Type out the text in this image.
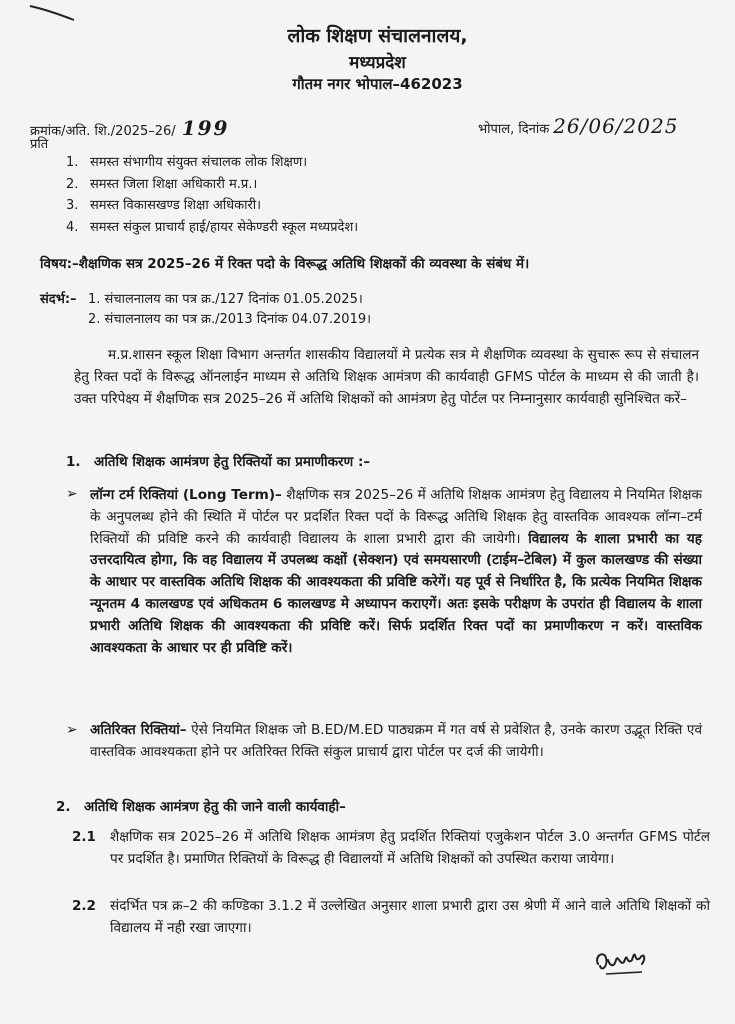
लोक शिक्षण संचालनालय,
मध्यप्रदेश
गौतम नगर भोपाल–462023
क्रमांक/अति. शि./2025–26/ 199	भोपाल, दिनांक 26/06/2025
प्रति
1. समस्त संभागीय संयुक्त संचालक लोक शिक्षण।
2. समस्त जिला शिक्षा अधिकारी म.प्र.।
3. समस्त विकासखण्ड शिक्षा अधिकारी।
4. समस्त संकुल प्राचार्य हाई/हायर सेकेण्डरी स्कूल मध्यप्रदेश।
विषय:–शैक्षणिक सत्र 2025–26 में रिक्त पदो के विरूद्ध अतिथि शिक्षकों की व्यवस्था के संबंध में।
संदर्भ:– 1. संचालनालय का पत्र क्र./127 दिनांक 01.05.2025।
2. संचालनालय का पत्र क्र./2013 दिनांक 04.07.2019।
म.प्र.शासन स्कूल शिक्षा विभाग अन्तर्गत शासकीय विद्यालयों मे प्रत्येक सत्र मे शैक्षणिक व्यवस्था के सुचारू रूप से संचालन हेतु रिक्त पदों के विरूद्ध ऑनलाईन माध्यम से अतिथि शिक्षक आमंत्रण की कार्यवाही GFMS पोर्टल के माध्यम से की जाती है। उक्त परिपेक्ष्य में शैक्षणिक सत्र 2025–26 में अतिथि शिक्षकों को आमंत्रण हेतु पोर्टल पर निम्नानुसार कार्यवाही सुनिश्चित करें–
1. अतिथि शिक्षक आमंत्रण हेतु रिक्तियों का प्रमाणीकरण :–
➢ लॉन्ग टर्म रिक्तियां (Long Term)– शैक्षणिक सत्र 2025–26 में अतिथि शिक्षक आमंत्रण हेतु विद्यालय मे नियमित शिक्षक के अनुपलब्ध होने की स्थिति में पोर्टल पर प्रदर्शित रिक्त पदों के विरूद्ध अतिथि शिक्षक हेतु वास्तविक आवश्यक लॉन्ग–टर्म रिक्तियों की प्रविष्टि करने की कार्यवाही विद्यालय के शाला प्रभारी द्वारा की जायेगी। विद्यालय के शाला प्रभारी का यह उत्तरदायित्व होगा, कि वह विद्यालय में उपलब्ध कक्षों (सेक्शन) एवं समयसारणी (टाईम–टेबिल) में कुल कालखण्ड की संख्या के आधार पर वास्तविक अतिथि शिक्षक की आवश्यकता की प्रविष्टि करेगें। यह पूर्व से निर्धारित है, कि प्रत्येक नियमित शिक्षक न्यूनतम 4 कालखण्ड एवं अधिकतम 6 कालखण्ड मे अध्यापन कराएगें। अतः इसके परीक्षण के उपरांत ही विद्यालय के शाला प्रभारी अतिथि शिक्षक की आवश्यकता की प्रविष्टि करें। सिर्फ प्रदर्शित रिक्त पदों का प्रमाणीकरण न करें। वास्तविक आवश्यकता के आधार पर ही प्रविष्टि करें।
➢ अतिरिक्त रिक्तियां– ऐसे नियमित शिक्षक जो B.ED/M.ED पाठ्यक्रम में गत वर्ष से प्रवेशित है, उनके कारण उद्भूत रिक्ति एवं वास्तविक आवश्यकता होने पर अतिरिक्त रिक्ति संकुल प्राचार्य द्वारा पोर्टल पर दर्ज की जायेगी।
2. अतिथि शिक्षक आमंत्रण हेतु की जाने वाली कार्यवाही–
2.1 शैक्षणिक सत्र 2025–26 में अतिथि शिक्षक आमंत्रण हेतु प्रदर्शित रिक्तियां एजुकेशन पोर्टल 3.0 अन्तर्गत GFMS पोर्टल पर प्रदर्शित है। प्रमाणित रिक्तियों के विरूद्ध ही विद्यालयों में अतिथि शिक्षकों को उपस्थित कराया जायेगा।
2.2 संदर्भित पत्र क्र–2 की कण्डिका 3.1.2 में उल्लेखित अनुसार शाला प्रभारी द्वारा उस श्रेणी में आने वाले अतिथि शिक्षकों को विद्यालय में नही रखा जाएगा।
